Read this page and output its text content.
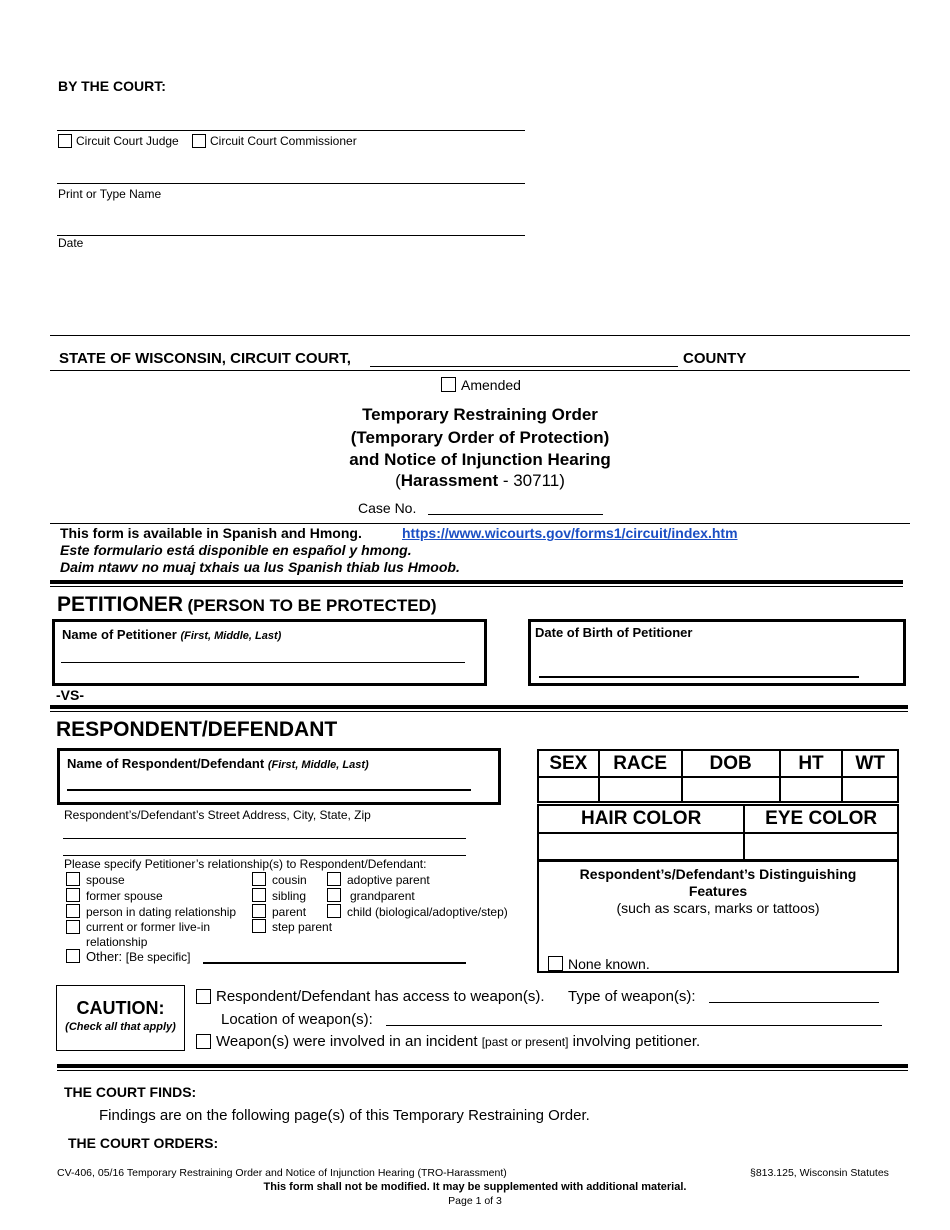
BY THE COURT:
Circuit Court Judge	Circuit Court Commissioner
Print or Type Name
Date
STATE OF WISCONSIN, CIRCUIT COURT,	COUNTY
Amended
Temporary Restraining Order
(Temporary Order of Protection)
and Notice of Injunction Hearing
(Harassment - 30711)
Case No.
This form is available in Spanish and Hmong.	https://www.wicourts.gov/forms1/circuit/index.htm
Este formulario está disponible en español y hmong.
Daim ntawv no muaj txhais ua lus Spanish thiab lus Hmoob.
PETITIONER (PERSON TO BE PROTECTED)
Name of Petitioner (First, Middle, Last)	Date of Birth of Petitioner
-VS-
RESPONDENT/DEFENDANT
Name of Respondent/Defendant (First, Middle, Last)
Respondent’s/Defendant’s Street Address, City, State, Zip
Please specify Petitioner’s relationship(s) to Respondent/Defendant:
spouse
former spouse
person in dating relationship
current or former live-in
relationship
cousin
sibling
parent
step parent
adoptive parent
grandparent
child (biological/adoptive/step)
Other: [Be specific]
SEX	RACE	DOB	HT	WT

HAIR COLOR	EYE COLOR

Respondent’s/Defendant’s Distinguishing
Features
(such as scars, marks or tattoos)
None known.
CAUTION:
(Check all that apply)
Respondent/Defendant has access to weapon(s). Type of weapon(s):
Location of weapon(s):
Weapon(s) were involved in an incident [past or present] involving petitioner.
THE COURT FINDS:
Findings are on the following page(s) of this Temporary Restraining Order.
THE COURT ORDERS:
CV-406, 05/16 Temporary Restraining Order and Notice of Injunction Hearing (TRO-Harassment)	§813.125, Wisconsin Statutes
This form shall not be modified. It may be supplemented with additional material.
Page 1 of 3
